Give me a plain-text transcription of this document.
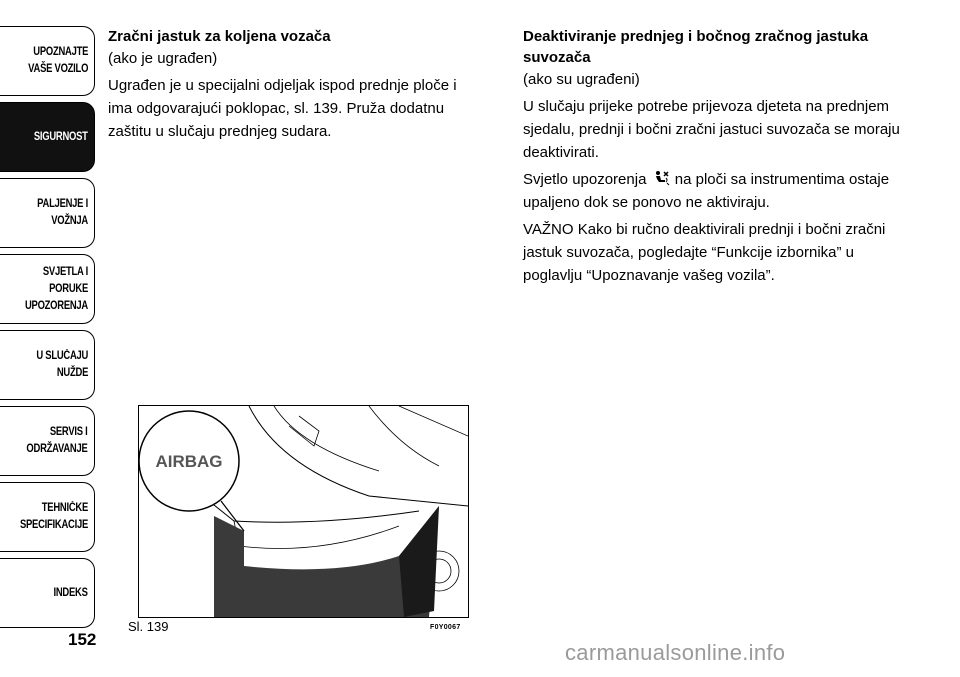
UPOZNAJTE
VAŠE VOZILO
SIGURNOST
PALJENJE I
VOŽNJA
SVJETLA I PORUKE
UPOZORENJA
U SLUČAJU
NUŽDE
SERVIS I
ODRŽAVANJE
TEHNIČKE
SPECIFIKACIJE
INDEKS
152
Zračni jastuk za koljena vozača

(ako je ugrađen)

Ugrađen je u specijalni odjeljak ispod prednje ploče i ima odgovarajući poklopac, sl. 139. Pruža dodatnu zaštitu u slučaju prednjeg sudara.

Deaktiviranje prednjeg i bočnog zračnog jastuka suvozača

(ako su ugrađeni)

U slučaju prijeke potrebe prijevoza djeteta na prednjem sjedalu, prednji i bočni zračni jastuci suvozača se moraju deaktivirati.

Svjetlo upozorenja na ploči sa instrumentima ostaje upaljeno dok se ponovo ne aktiviraju.

VAŽNO Kako bi ručno deaktivirali prednji i bočni zračni jastuk suvozača, pogledajte “Funkcije izbornika” u poglavlju “Upoznavanje vašeg vozila”.

AIRBAG
Sl. 139	F0Y0067
carmanualsonline.info
